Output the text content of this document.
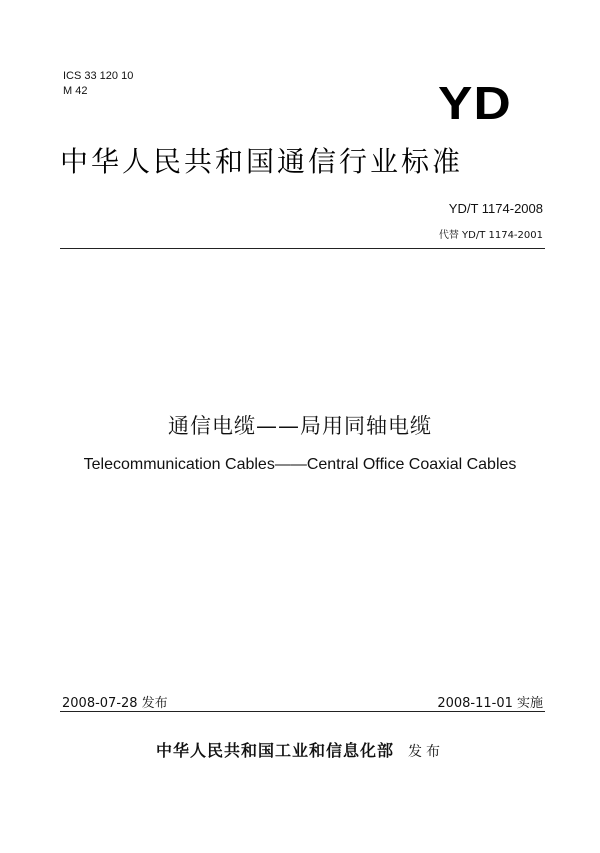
ICS 33 120 10
M 42	YD
中华人民共和国通信行业标准
YD/T 1174-2008
代替 YD/T 1174-2001
通信电缆——局用同轴电缆
Telecommunication Cables——Central Office Coaxial Cables
2008-07-28 发布	2008-11-01 实施
中华人民共和国工业和信息化部 发布
